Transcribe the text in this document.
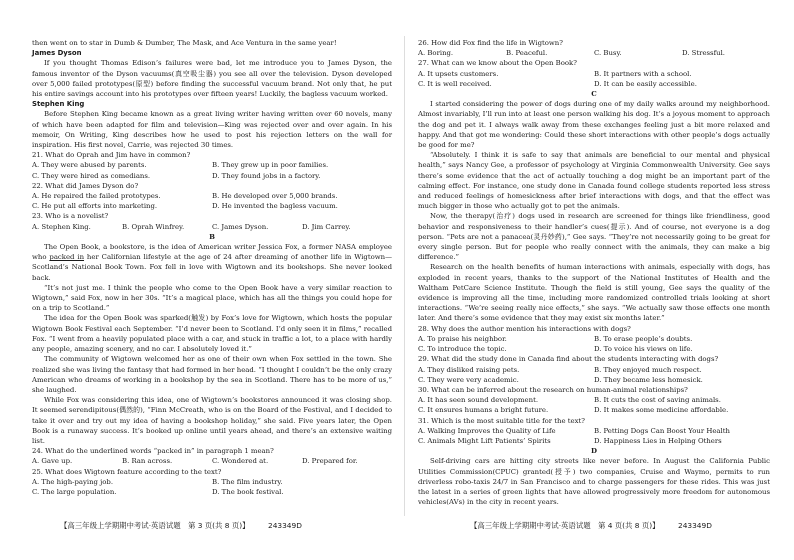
then went on to star in Dumb & Dumber, The Mask, and Ace Ventura in the same year!

James Dyson

If you thought Thomas Edison’s failures were bad, let me introduce you to James Dyson, the famous inventor of the Dyson vacuums(真空吸尘器) you see all over the television. Dyson developed over 5,000 failed prototypes(原型) before finding the successful vacuum brand. Not only that, he put his entire savings account into his prototypes over fifteen years! Luckily, the bagless vacuum worked.

Stephen King

Before Stephen King became known as a great living writer having written over 60 novels, many of which have been adapted for film and television—King was rejected over and over again. In his memoir, On Writing, King describes how he used to post his rejection letters on the wall for inspiration. His first novel, Carrie, was rejected 30 times.

21. What do Oprah and Jim have in common?

A. They were abused by parents.	B. They grew up in poor families.
C. They were hired as comedians.	D. They found jobs in a factory.

22. What did James Dyson do?

A. He repaired the failed prototypes.	B. He developed over 5,000 brands.
C. He put all efforts into marketing.	D. He invented the bagless vacuum.

23. Who is a novelist?

A. Stephen King.	B. Oprah Winfrey.	C. James Dyson.	D. Jim Carrey.

B

The Open Book, a bookstore, is the idea of American writer Jessica Fox, a former NASA employee who packed in her Californian lifestyle at the age of 24 after dreaming of another life in Wigtown—Scotland’s National Book Town. Fox fell in love with Wigtown and its bookshops. She never looked back.

“It’s not just me. I think the people who come to the Open Book have a very similar reaction to Wigtown,” said Fox, now in her 30s. “It’s a magical place, which has all the things you could hope for on a trip to Scotland.”

The idea for the Open Book was sparked(触发) by Fox’s love for Wigtown, which hosts the popular Wigtown Book Festival each September. “I’d never been to Scotland. I’d only seen it in films,” recalled Fox. “I went from a heavily populated place with a car, and stuck in traffic a lot, to a place with hardly any people, amazing scenery, and no car. I absolutely loved it.”

The community of Wigtown welcomed her as one of their own when Fox settled in the town. She realized she was living the fantasy that had formed in her head. “I thought I couldn’t be the only crazy American who dreams of working in a bookshop by the sea in Scotland. There has to be more of us,” she laughed.

While Fox was considering this idea, one of Wigtown’s bookstores announced it was closing shop. It seemed serendipitous(偶然的), “Finn McCreath, who is on the Board of the Festival, and I decided to take it over and try out my idea of having a bookshop holiday,” she said. Five years later, the Open Book is a runaway success. It’s booked up online until years ahead, and there’s an extensive waiting list.

24. What do the underlined words “packed in” in paragraph 1 mean?

A. Gave up.	B. Ran across.	C. Wondered at.	D. Prepared for.

25. What does Wigtown feature according to the text?

A. The high-paying job.	B. The film industry.
C. The large population.	D. The book festival.
【高三年级上学期期中考试·英语试题　第 3 页(共 8 页)】　　　243349D

26. How did Fox find the life in Wigtown?

A. Boring.	B. Peaceful.	C. Busy.	D. Stressful.

27. What can we know about the Open Book?

A. It upsets customers.	B. It partners with a school.
C. It is well received.	D. It can be easily accessible.

C

I started considering the power of dogs during one of my daily walks around my neighborhood. Almost invariably, I’ll run into at least one person walking his dog. It’s a joyous moment to approach the dog and pet it. I always walk away from these exchanges feeling just a bit more relaxed and happy. And that got me wondering: Could these short interactions with other people’s dogs actually be good for me?

“Absolutely. I think it is safe to say that animals are beneficial to our mental and physical health,” says Nancy Gee, a professor of psychology at Virginia Commonwealth University. Gee says there’s some evidence that the act of actually touching a dog might be an important part of the calming effect. For instance, one study done in Canada found college students reported less stress and reduced feelings of homesickness after brief interactions with dogs, and that the effect was much bigger in those who actually got to pet the animals.

Now, the therapy(治疗) dogs used in research are screened for things like friendliness, good behavior and responsiveness to their handler’s cues(提示). And of course, not everyone is a dog person. “Pets are not a panacea(灵丹妙药),” Gee says. “They’re not necessarily going to be great for every single person. But for people who really connect with the animals, they can make a big difference.”

Research on the health benefits of human interactions with animals, especially with dogs, has exploded in recent years, thanks to the support of the National Institutes of Health and the Waltham PetCare Science Institute. Though the field is still young, Gee says the quality of the evidence is improving all the time, including more randomized controlled trials looking at short interactions. “We’re seeing really nice effects,” she says. “We actually saw those effects one month later. And there’s some evidence that they may exist six months later.”

28. Why does the author mention his interactions with dogs?

A. To praise his neighbor.	B. To erase people’s doubts.
C. To introduce the topic.	D. To voice his views on life.

29. What did the study done in Canada find about the students interacting with dogs?

A. They disliked raising pets.	B. They enjoyed much respect.
C. They were very academic.	D. They became less homesick.

30. What can be inferred about the research on human-animal relationships?

A. It has seen sound development.	B. It cuts the cost of saving animals.
C. It ensures humans a bright future.	D. It makes some medicine affordable.

31. Which is the most suitable title for the text?

A. Walking Improves the Quality of Life	B. Petting Dogs Can Boost Your Health
C. Animals Might Lift Patients’ Spirits	D. Happiness Lies in Helping Others

D

Self-driving cars are hitting city streets like never before. In August the California Public Utilities Commission(CPUC) granted(授予) two companies, Cruise and Waymo, permits to run driverless robo-taxis 24/7 in San Francisco and to charge passengers for these rides. This was just the latest in a series of green lights that have allowed progressively more freedom for autonomous vehicles(AVs) in the city in recent years.

【高三年级上学期期中考试·英语试题　第 4 页(共 8 页)】　　　243349D
